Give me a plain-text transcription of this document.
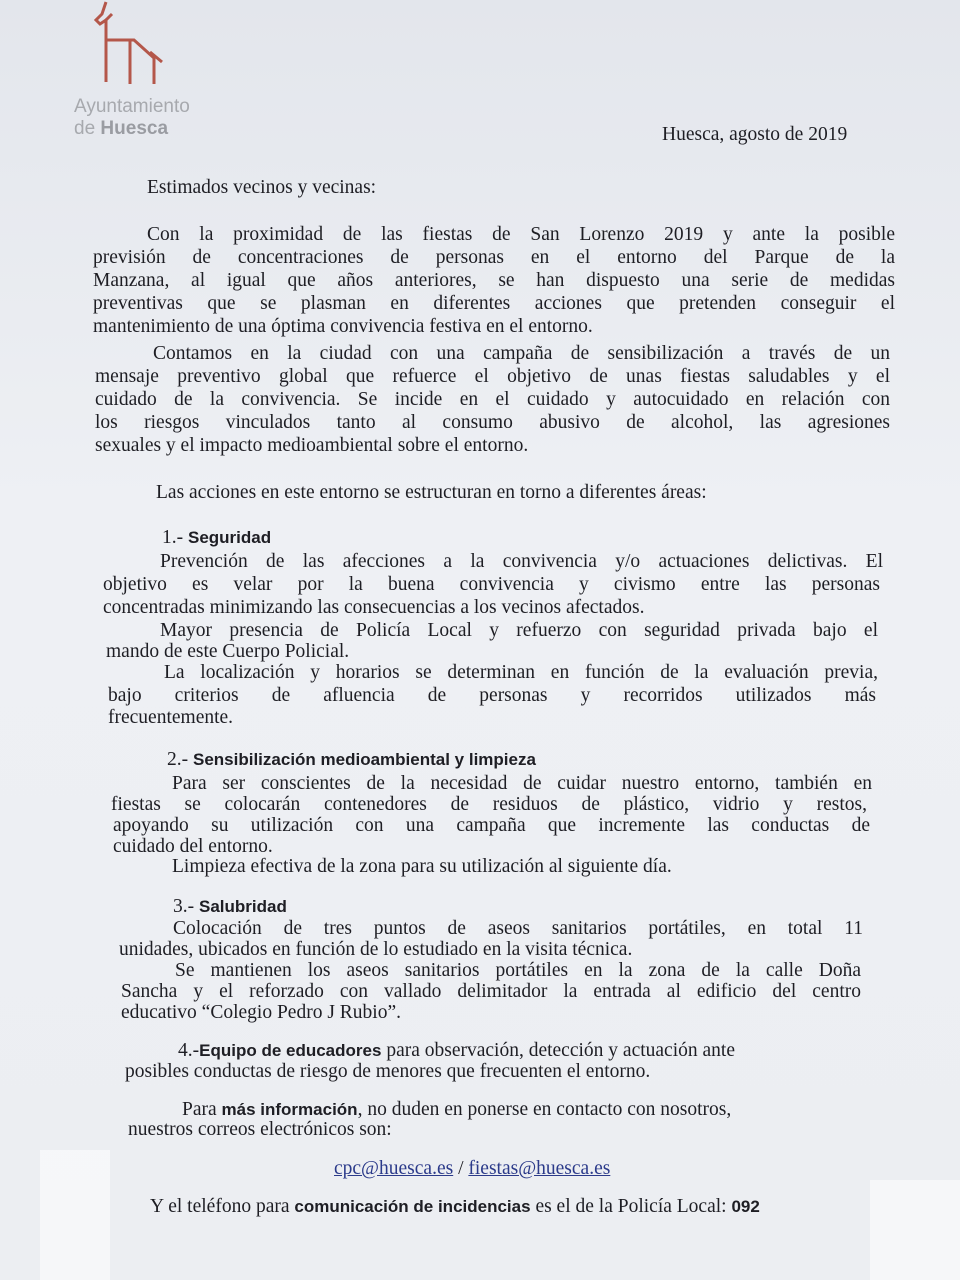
Ayuntamiento
de Huesca	Huesca, agosto de 2019
Estimados vecinos y vecinas:
Con la proximidad de las fiestas de San Lorenzo 2019 y ante la posible
previsión de concentraciones de personas en el entorno del Parque de la
Manzana, al igual que años anteriores, se han dispuesto una serie de medidas
preventivas que se plasman en diferentes acciones que pretenden conseguir el
mantenimiento de una óptima convivencia festiva en el entorno.
Contamos en la ciudad con una campaña de sensibilización a través de un
mensaje preventivo global que refuerce el objetivo de unas fiestas saludables y el
cuidado de la convivencia. Se incide en el cuidado y autocuidado en relación con
los riesgos vinculados tanto al consumo abusivo de alcohol, las agresiones
sexuales y el impacto medioambiental sobre el entorno.
Las acciones en este entorno se estructuran en torno a diferentes áreas:
1.- Seguridad
Prevención de las afecciones a la convivencia y/o actuaciones delictivas. El
objetivo es velar por la buena convivencia y civismo entre las personas
concentradas minimizando las consecuencias a los vecinos afectados.
Mayor presencia de Policía Local y refuerzo con seguridad privada bajo el
mando de este Cuerpo Policial.
La localización y horarios se determinan en función de la evaluación previa,
bajo criterios de afluencia de personas y recorridos utilizados más
frecuentemente.
2.- Sensibilización medioambiental y limpieza
Para ser conscientes de la necesidad de cuidar nuestro entorno, también en
fiestas se colocarán contenedores de residuos de plástico, vidrio y restos,
apoyando su utilización con una campaña que incremente las conductas de
cuidado del entorno.
Limpieza efectiva de la zona para su utilización al siguiente día.
3.- Salubridad
Colocación de tres puntos de aseos sanitarios portátiles, en total 11
unidades, ubicados en función de lo estudiado en la visita técnica.
Se mantienen los aseos sanitarios portátiles en la zona de la calle Doña
Sancha y el reforzado con vallado delimitador la entrada al edificio del centro
educativo “Colegio Pedro J Rubio”.
4.-Equipo de educadores para observación, detección y actuación ante
posibles conductas de riesgo de menores que frecuenten el entorno.
Para más información, no duden en ponerse en contacto con nosotros,
nuestros correos electrónicos son:
cpc@huesca.es / fiestas@huesca.es
Y el teléfono para comunicación de incidencias es el de la Policía Local: 092
